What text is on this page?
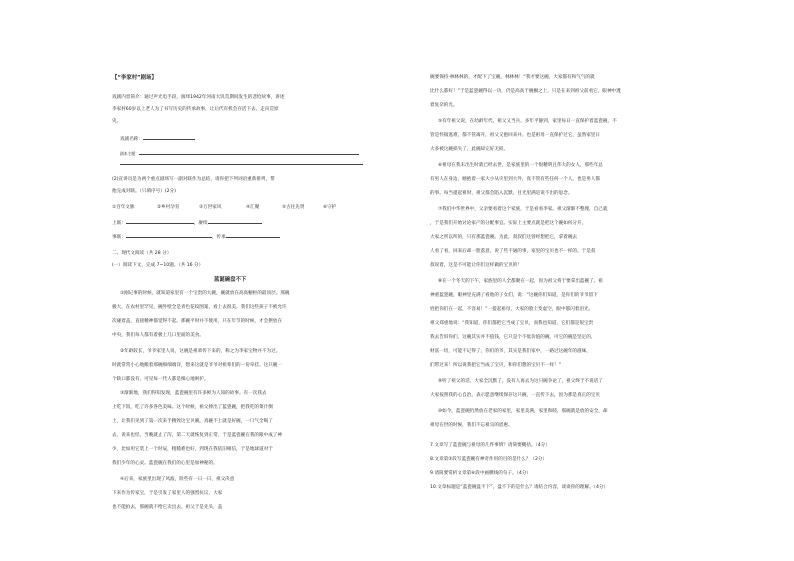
【“李家村”剧场】
戏剧内容简介：通过声光电手段，演绎1942年河南大饥荒期间发生的悲怆故事，讲述
李家村60岁以上老人为了书写历史的传承故事，让后代有机会存活下去，走向荒原
史。
戏剧名称：
剧本主题：
(2)宣讲员是为两个重点剧场写一副对联作为总结，请你把下列词语重新排列，帮
他完成对联。（只填序号）(2分)
①百年文脉	②乡村孕育	③万世家风	④汇聚	⑤古往先贤	⑥守护
上联：	，赓续
事联：	，传承
二、现代文阅读（共 28 分）
(一）阅读下文，完成 7~10题。（共 16 分）
蓝诞碗盘不下
①刚记事的时候，就知道家里有一个宝贵的大碗，碗就放在高高橱柜的最顶层。那碗
极大，在农村里罕见，碗外壁全是青色花纹图案，看上去很美。我们这些孩子不被允许
次碰着盖，直接精神都觉得不起。那碗平时并不使用，只在年节的时候，才会摆放在
中央，我们每人都有着极上几口里面的美食。
②年龄较长，爷爷家里人说，这碗是祖辈传下来的，称之为李家宝物并不为过。
时就常常小心地搬着那碗细细端详，想来这就是爷爷对祖辈们的一份牵挂。这只碗一
个缺口都没有，可见每一代人都是细心地呵护。
③渐渐地，我们得知发现，蓝瓷碗里有许多鲜为人知的故事。有一次我去
上吃下饭，吃了许多各色美味。这个时候，祖父捧出了蓝瓷碗，把我吃的菜汁倒
土，让我们见到了第一次来手精致这宝贝碗，真碗不上就是好碗，一口气全喝了
去，说来也怪，当晚就止了泻，第二天就恢复到正常，于是蓝瓷碗在我的眼中成了神
少，比如用它装上一个时辰，粗糙难也好，到现在我依旧相信，于是地球道对于
我们少年的心灵。蓝瓷碗在我们的心里是加神秘的。
④后来，家族里出现了风波，险些有一日一日，祖父决意
下来作为传家宝，于是引发了家里人的强烈抗议，大家
也不能拍去，那碗就不给它卖出去。祖父于是先头，盖
碗要保持·林林林的，才配下了宝碗，林林林！“我才要这碗，大家都有和气气的就
比什么都好！”于是蓝瓷碗得以一功，仍是高高于碗橱之上，只是在来到祖父前看它，眼神中透
着复杂的光。
⑤有年祖父说，在幼龄年代，祖父又当兵，多年平静到，家里每日一直保护着蓝瓷碗，不
管是怀揣逃难，都不管离开，祖父又抱回来并。也是祖母一直保护过它，虽然家里日
大多被这碗损失了，此碗却完好无损。
⑥祖母在我未出生时就已经去世，是家族里的一个很精明且伟大的女人，那些年总
有男人在身边，她抱着一家大小从灾里到大外，真不管有些任何一个人，也是男人都
的事。每当提起祖时，祖父都会陷入沉默，目光里满是说不出的思念。
⑦我们中华世界中，父亲要看着这个家族，于是看看李家。祖父渐渐不整理，自己就
，于是我们开始讨论家产的分配事宜。实际上主要点就是把这个碗如何分开，
大家之所以所的，只有那蓝瓷碗。为此，叔叔们还曾经想把它，拿着碗去
人看了看，回来后却一脸落意，说了些不通的事，家里的宝贝也不一样的。于是叔
叔说着，这是不可能让你们这样做的宝贝的！
⑧在一个冬天的下午，家族里的人全都聚在一起，因为祖父将于要拿出蓝碗了。祖
神重蓝瓷碗，眼神里充满了看他的子女们，说：“这碗你们知道，是你们的爷爷留下
姓把你们在一起，不容易！”一提起祖母，大家的脸上变虚空，眼中都闪着泪光。
祖父郑重地说：“我知道，你们都把它当成了宝贝，而我也知道，它们都是很宝贵
我去告诉你们，这碗其实并不值钱，它只是个不低价值的碗，可它的碗是坚定的，
财富一切，可能不记得了，你们的爷，其实是我们家中，一路过这碗年的滋味，
们带过来！所以说我把它当成了宝贝，和你们想的宝贝不一样！”
⑨听了祖父的话，大家全沉默了，没有人再去为这只碗争论了，祖父终于不说话了
大家按照我的心自治，表示愿意继续保存这只碗，一直传下去，因为那是真正的宝贝
⑩如今，蓝瓷碗仍然放在老家的家里，家里美满，家里和睦，那碗就是放的安全，却
祖母在世的时候，我们不忘祖宗的恩惠。
7.文章写了蓝瓷碗与祖母的几件事情？请简要概括。（4分）
8.文章第③段写蓝瓷碗有神奇作用的目的是什么？（2分）
9.请简要赏析文章第⑥段中画横线的句子。（4分）
10.文章标题是“蓝瓷碗盘不下”，盘不下的是什么？请结合内容，谈谈你的理解。（4分）
